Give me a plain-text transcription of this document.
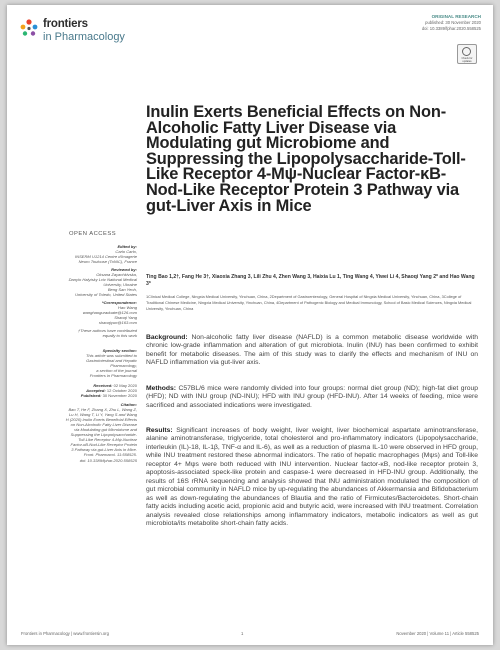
frontiers
in Pharmacology
ORIGINAL RESEARCH
published: 30 November 2020
doi: 10.3389/fphar.2020.558525
Check for updates
Inulin Exerts Beneficial Effects on Non-Alcoholic Fatty Liver Disease via Modulating gut Microbiome and Suppressing the Lipopolysaccharide-Toll-Like Receptor 4-Mψ-Nuclear Factor-κB-Nod-Like Receptor Protein 3 Pathway via gut-Liver Axis in Mice
Ting Bao 1,2†, Fang He 3†, Xiaoxia Zhang 3, Lili Zhu 4, Zhen Wang 3, Haixia Lu 1, Ting Wang 4, Yiwei Li 4, Shaoqi Yang 2* and Hao Wang 3*
1Clinical Medical College, Ningxia Medical University, Yinchuan, China, 2Department of Gastroenterology, General Hospital of Ningxia Medical University, Yinchuan, China, 3College of Traditional Chinese Medicine, Ningxia Medical University, Yinchuan, China, 4Department of Pathogenic Biology and Medical Immunology, School of Basic Medical Sciences, Ningxia Medical University, Yinchuan, China
Background: Non-alcoholic fatty liver disease (NAFLD) is a common metabolic disease worldwide with chronic low-grade inflammation and alteration of gut microbiota. Inulin (INU) has been confirmed to exhibit benefit for metabolic diseases. The aim of this study was to clarify the effects and mechanism of INU on NAFLD inflammation via gut-liver axis.
Methods: C57BL/6 mice were randomly divided into four groups: normal diet group (ND); high-fat diet group (HFD); ND with INU group (ND-INU); HFD with INU group (HFD-INU). After 14 weeks of feeding, mice were sacrificed and associated indications were investigated.
Results: Significant increases of body weight, liver weight, liver biochemical aspartate aminotransferase, alanine aminotransferase, triglyceride, total cholesterol and pro-inflammatory indicators (Lipopolysaccharide, interleukin (IL)-18, IL-1β, TNF-α and IL-6), as well as a reduction of plasma IL-10 were observed in HFD group, while INU treatment restored these abnormal indicators. The ratio of hepatic macrophages (Mψs) and Toll-like receptor 4+ Mψs were both reduced with INU intervention. Nuclear factor-κB, nod-like receptor protein 3, apoptosis-associated speck-like protein and caspase-1 were decreased in HFD-INU group. Additionally, the results of 16S rRNA sequencing and analysis showed that INU administration modulated the composition of gut microbial community in NAFLD mice by up-regulating the abundances of Akkermansia and Bifidobacterium as well as down-regulating the abundances of Blautia and the ratio of Firmicutes/Bacteroidetes. Short-chain fatty acids including acetic acid, propionic acid and butyric acid, were increased with INU treatment. Correlation analysis revealed close relationships among inflammatory indicators, metabolic indicators as well as gut microbiota/its metabolite short-chain fatty acids.
OPEN ACCESS
Edited by:
Carlo Carlo,
INSERM U1214 Centre d'Imagerie
Neuro Toulouse (ToNIC), France
Reviewed by:
Oksana Zayachkivska,
Danylo Halytsky Lviv National Medical
University, Ukraine
Beng San Yeoh,
University of Toledo, United States
*Correspondence:
Hao Wang
wanghaoguraduate@126.com
Shaoqi Yang
shaoqiyun@163.com
†These authors have contributed
equally to this work
Specialty section:
This article was submitted to
Gastrointestinal and Hepatic
Pharmacology,
a section of the journal
Frontiers in Pharmacology
Received: 02 May 2020
Accepted: 12 October 2020
Published: 30 November 2020
Citation:
Bao T, He F, Zhang X, Zhu L, Wang Z,
Lu H, Wang T, Li Y, Yang S and Wang
H (2020) Inulin Exerts Beneficial Effects
on Non-Alcoholic Fatty Liver Disease
via Modulating gut Microbiome and
Suppressing the Lipopolysaccharide-
Toll-Like Receptor 4-Mψ-Nuclear
Factor-κB-Nod-Like Receptor Protein
3 Pathway via gut-Liver Axis in Mice.
Front. Pharmacol. 11:558525.
doi: 10.3389/fphar.2020.558525
Frontiers in Pharmacology | www.frontiersin.org	1	November 2020 | Volume 11 | Article 558525
